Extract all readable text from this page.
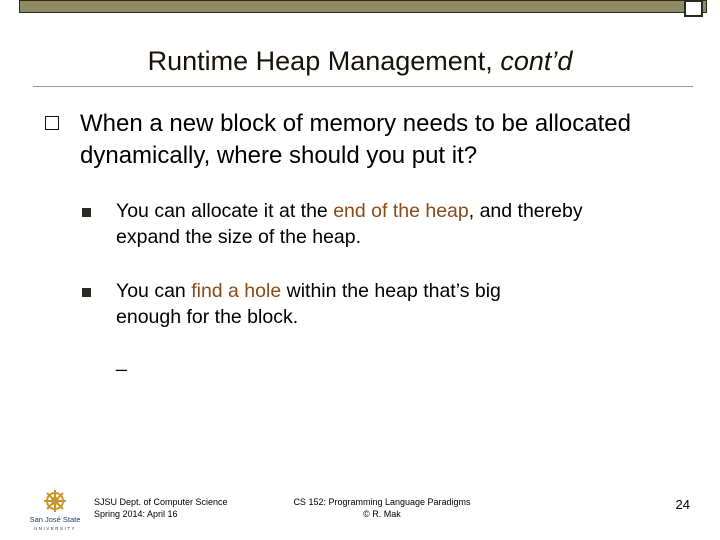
Runtime Heap Management, cont’d
When a new block of memory needs to be allocated dynamically, where should you put it?
You can allocate it at the end of the heap, and thereby expand the size of the heap.
You can find a hole within the heap that’s big enough for the block.
_
San José State
UNIVERSITY
SJSU Dept. of Computer Science
Spring 2014: April 16
CS 152: Programming Language Paradigms
© R. Mak
24
